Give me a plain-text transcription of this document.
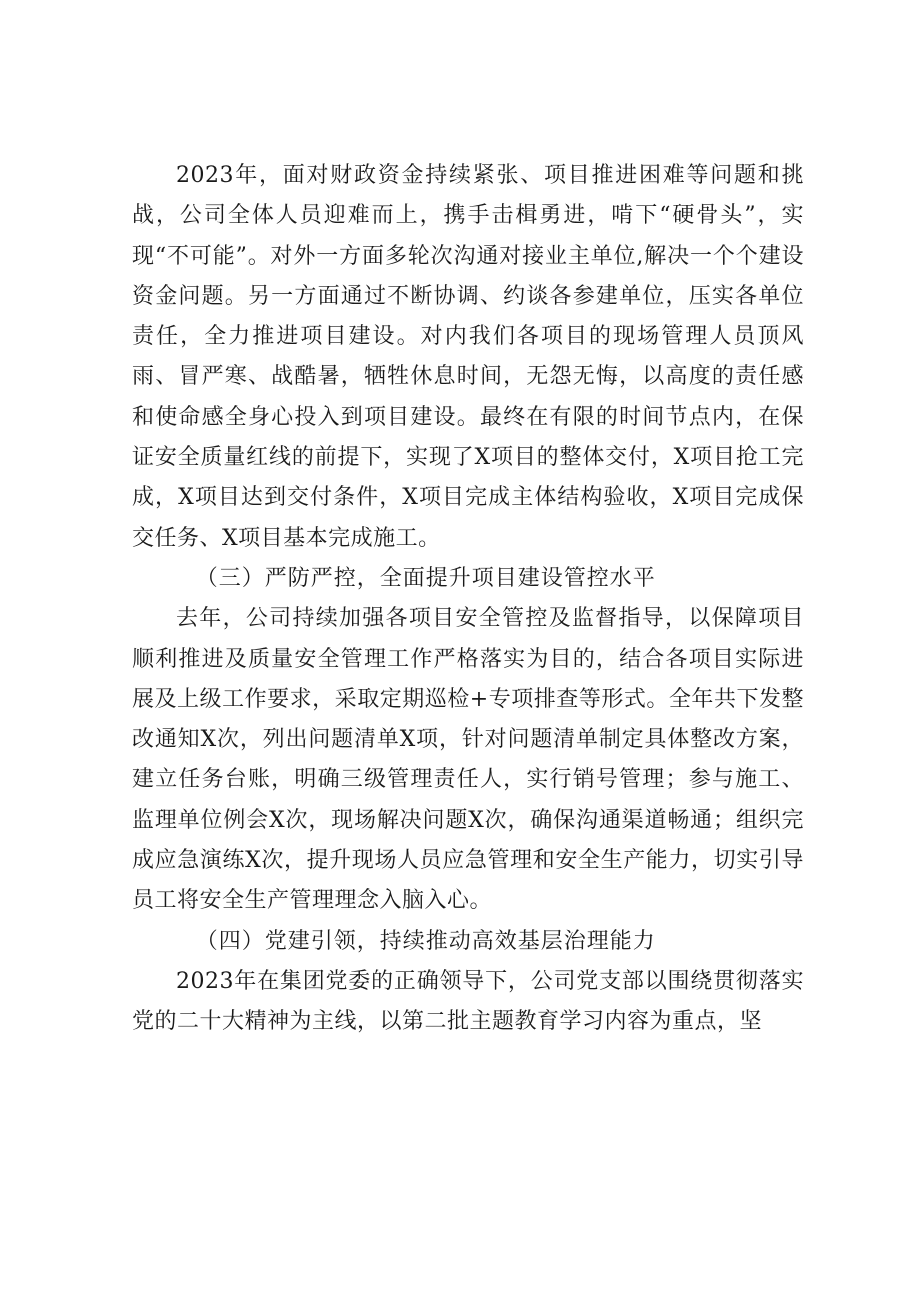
2023年，面对财政资金持续紧张、项目推进困难等问题和挑战，公司全体人员迎难而上，携手击楫勇进，啃下“硬骨头”，实现“不可能”。对外一方面多轮次沟通对接业主单位,解决一个个建设资金问题。另一方面通过不断协调、约谈各参建单位，压实各单位责任，全力推进项目建设。对内我们各项目的现场管理人员顶风雨、冒严寒、战酷暑，牺牲休息时间，无怨无悔，以高度的责任感和使命感全身心投入到项目建设。最终在有限的时间节点内，在保证安全质量红线的前提下，实现了X项目的整体交付，X项目抢工完成，X项目达到交付条件，X项目完成主体结构验收，X项目完成保交任务、X项目基本完成施工。

（三）严防严控，全面提升项目建设管控水平

去年，公司持续加强各项目安全管控及监督指导，以保障项目顺利推进及质量安全管理工作严格落实为目的，结合各项目实际进展及上级工作要求，采取定期巡检+专项排查等形式。全年共下发整改通知X次，列出问题清单X项，针对问题清单制定具体整改方案，建立任务台账，明确三级管理责任人，实行销号管理；参与施工、监理单位例会X次，现场解决问题X次，确保沟通渠道畅通；组织完成应急演练X次，提升现场人员应急管理和安全生产能力，切实引导员工将安全生产管理理念入脑入心。

（四）党建引领，持续推动高效基层治理能力

2023年在集团党委的正确领导下，公司党支部以围绕贯彻落实党的二十大精神为主线，以第二批主题教育学习内容为重点，坚
